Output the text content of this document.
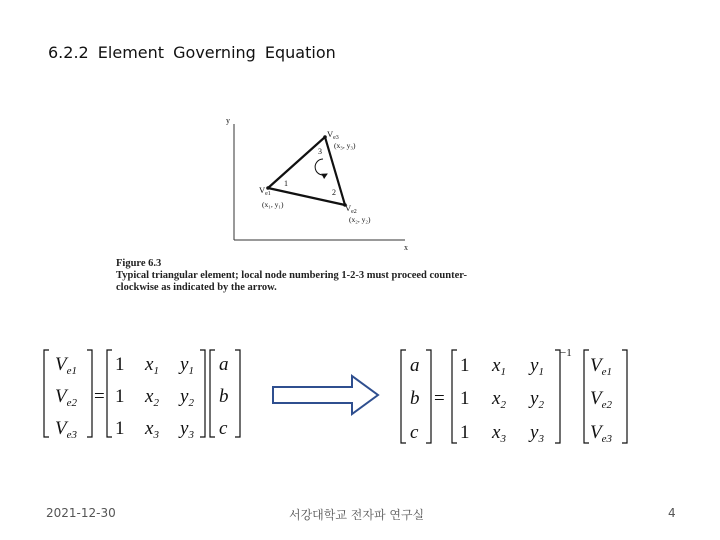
6.2.2 Element Governing Equation
y
x
1
2
3
$V_{e3}$
(x₃, y₃)
$V_{e1}$
(x₁, y₁)	$V_{e2}$
(x₂, y₂)
$V_{e1}$
$V_{e2}$
$V_{e3}$
=
1 $x_1$ $y_1$
1 $x_2$ $y_2$
1 $x_3$ $y_3$
a
b
c
a
b
c
=
1 $x_1$ $y_1$
1 $x_2$ $y_2$
1 $x_3$ $y_3$
−1
$V_{e1}$
$V_{e2}$
$V_{e3}$
Figure 6.3
Typical triangular element; local node numbering 1-2-3 must proceed counter-
clockwise as indicated by the arrow.
2021-12-30	서강대학교 전자파 연구실	4
